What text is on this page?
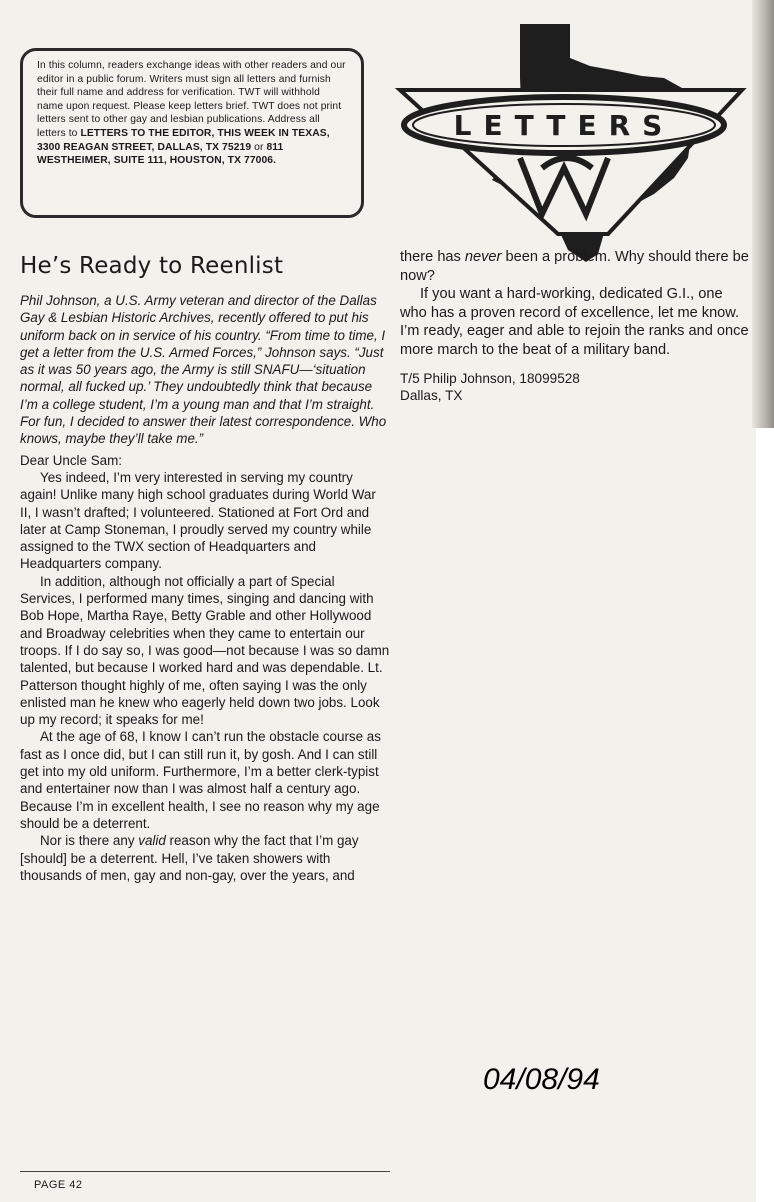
In this column, readers exchange ideas with other readers and our editor in a public forum. Writers must sign all letters and furnish their full name and address for verification. TWT will withhold name upon request. Please keep letters brief. TWT does not print letters sent to other gay and lesbian publications. Address all letters to LETTERS TO THE EDITOR, THIS WEEK IN TEXAS, 3300 REAGAN STREET, DALLAS, TX 75219 or 811 WESTHEIMER, SUITE 111, HOUSTON, TX 77006.
LETTERS
He’s Ready to Reenlist

Phil Johnson, a U.S. Army veteran and director of the Dallas Gay & Lesbian Historic Archives, recently offered to put his uniform back on in service of his country. “From time to time, I get a letter from the U.S. Armed Forces,” Johnson says. “Just as it was 50 years ago, the Army is still SNAFU—‘situation normal, all fucked up.’ They undoubtedly think that because I’m a college student, I’m a young man and that I’m straight. For fun, I decided to answer their latest correspondence. Who knows, maybe they’ll take me.”

Dear Uncle Sam:

Yes indeed, I’m very interested in serving my country again! Unlike many high school graduates during World War II, I wasn’t drafted; I volunteered. Stationed at Fort Ord and later at Camp Stoneman, I proudly served my country while assigned to the TWX section of Headquarters and Headquarters company.

In addition, although not officially a part of Special Services, I performed many times, singing and dancing with Bob Hope, Martha Raye, Betty Grable and other Hollywood and Broadway celebrities when they came to entertain our troops. If I do say so, I was good—not because I was so damn talented, but because I worked hard and was dependable. Lt. Patterson thought highly of me, often saying I was the only enlisted man he knew who eagerly held down two jobs. Look up my record; it speaks for me!

At the age of 68, I know I can’t run the obstacle course as fast as I once did, but I can still run it, by gosh. And I can still get into my old uniform. Furthermore, I’m a better clerk-typist and entertainer now than I was almost half a century ago. Because I’m in excellent health, I see no reason why my age should be a deterrent.

Nor is there any valid reason why the fact that I’m gay [should] be a deterrent. Hell, I’ve taken showers with thousands of men, gay and non-gay, over the years, and

there has never been a problem. Why should there be now?

If you want a hard-working, dedicated G.I., one who has a proven record of excellence, let me know. I’m ready, eager and able to rejoin the ranks and once more march to the beat of a military band.

T/5 Philip Johnson, 18099528
Dallas, TX
04/08/94
PAGE 42
